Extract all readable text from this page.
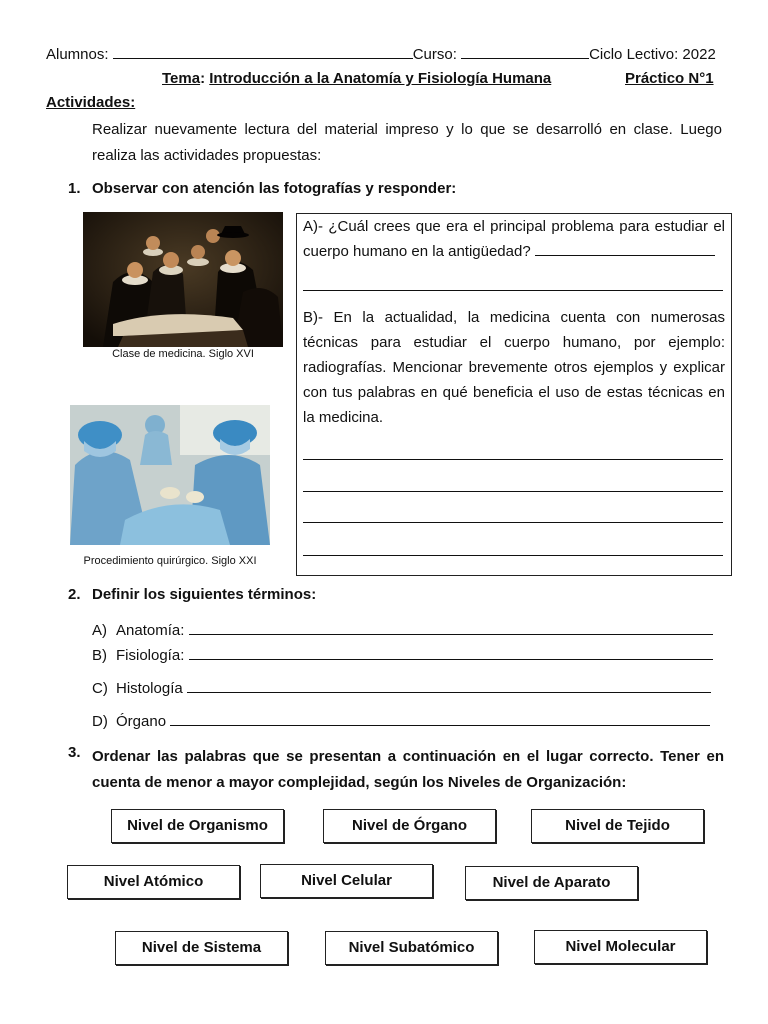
Alumnos:	Curso:	Ciclo Lectivo: 2022
Tema: Introducción a la Anatomía y Fisiología Humana	Práctico N°1
Actividades:
Realizar nuevamente lectura del material impreso y lo que se desarrolló en clase. Luego realiza las actividades propuestas:
1. Observar con atención las fotografías y responder:
Clase de medicina. Siglo XVI
Procedimiento quirúrgico. Siglo XXI
A)- ¿Cuál crees que era el principal problema para estudiar el cuerpo humano en la antigüedad?
B)- En la actualidad, la medicina cuenta con numerosas técnicas para estudiar el cuerpo humano, por ejemplo: radiografías. Mencionar brevemente otros ejemplos y explicar con tus palabras en qué beneficia el uso de estas técnicas en la medicina.
2. Definir los siguientes términos:
A) Anatomía:
B) Fisiología:
C) Histología
D) Órgano
3. Ordenar las palabras que se presentan a continuación en el lugar correcto. Tener en cuenta de menor a mayor complejidad, según los Niveles de Organización:
Nivel de Organismo	Nivel de Órgano	Nivel de Tejido
Nivel Atómico	Nivel Celular	Nivel de Aparato
Nivel de Sistema	Nivel Subatómico	Nivel Molecular
